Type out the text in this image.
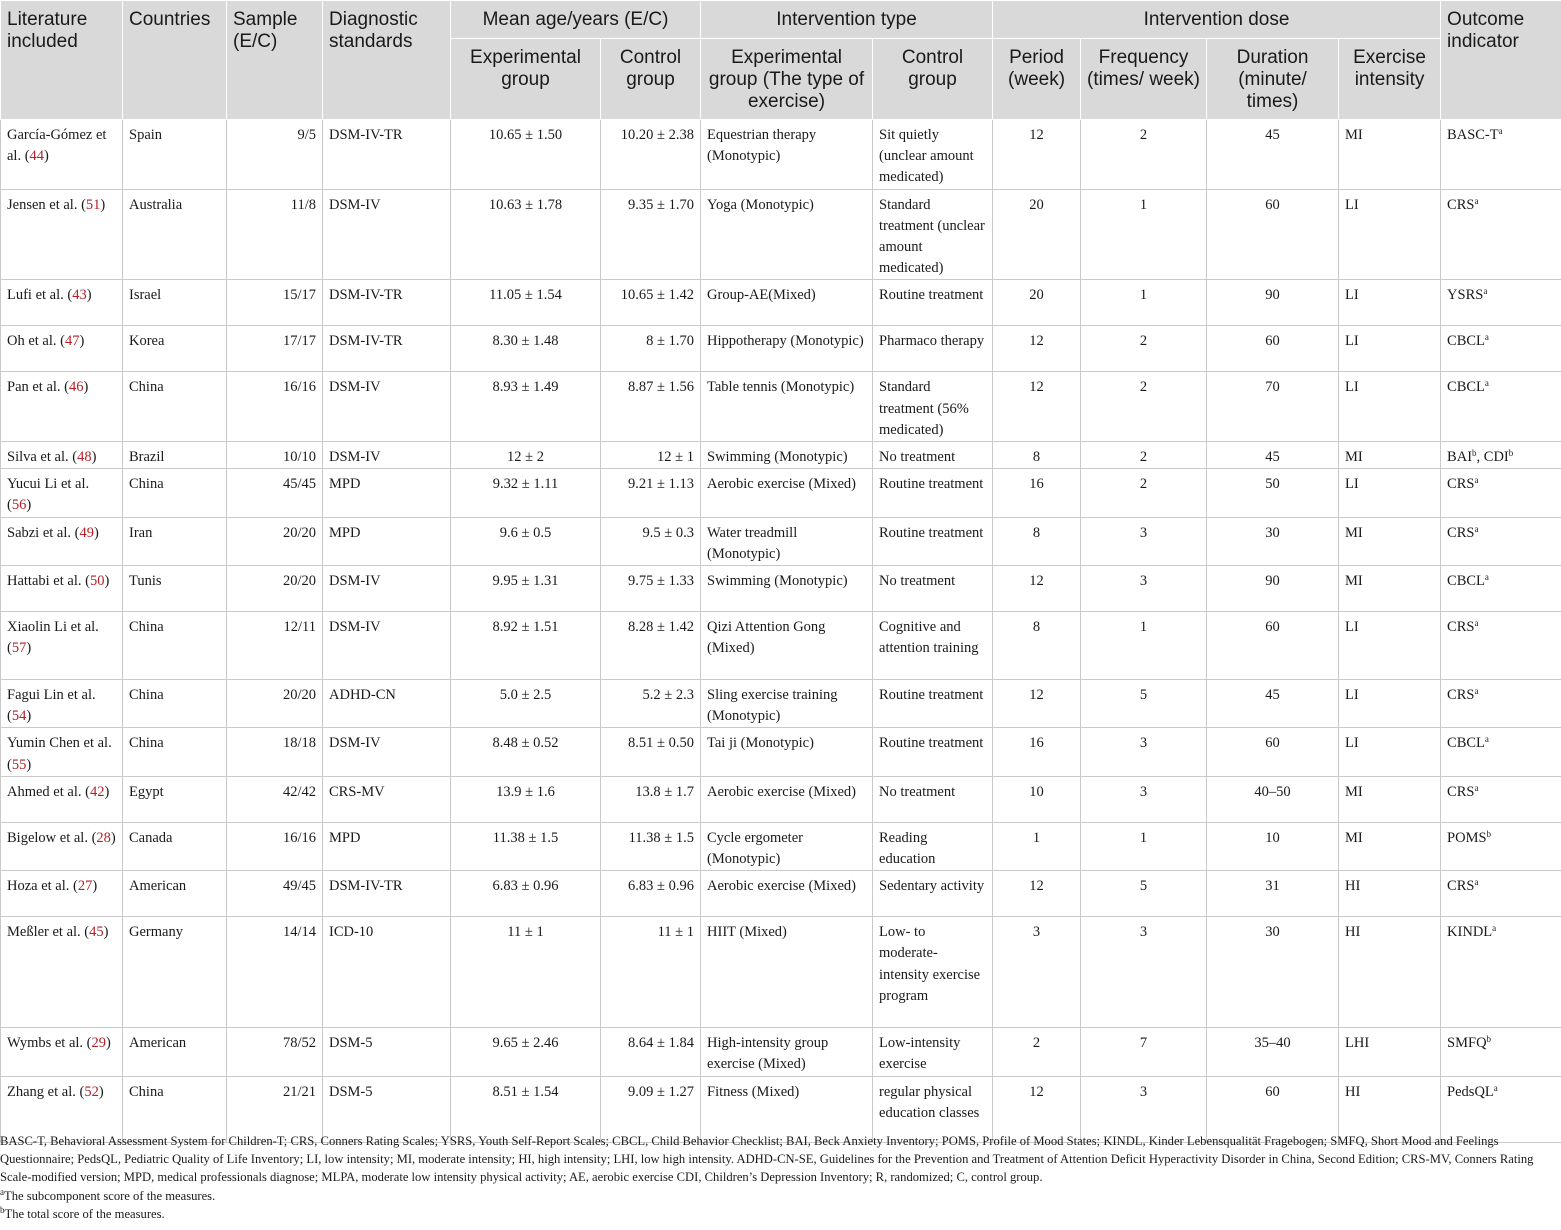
Literature included	Countries	Sample (E/C)	Diagnostic standards	Mean age/years (E/C)		Intervention type		Intervention dose				Outcome indicator
				Experimental group	Control group	Experimental group (The type of exercise)	Control group	Period (week)	Frequency (times/ week)	Duration (minute/ times)	Exercise intensity	
García-Gómez et al. (44)	Spain	9/5	DSM-IV-TR	10.65 ± 1.50	10.20 ± 2.38	Equestrian therapy (Monotypic)	Sit quietly (unclear amount medicated)	12	2	45	MI	BASC-$T^a$
Jensen et al. (51)	Australia	11/8	DSM-IV	10.63 ± 1.78	9.35 ± 1.70	Yoga (Monotypic)	Standard treatment (unclear amount medicated)	20	1	60	LI	CRS$^a$
Lufi et al. (43)	Israel	15/17	DSM-IV-TR	11.05 ± 1.54	10.65 ± 1.42	Group-AE(Mixed)	Routine treatment	20	1	90	LI	YSRS$^a$
Oh et al. (47)	Korea	17/17	DSM-IV-TR	8.30 ± 1.48	8 ± 1.70	Hippotherapy (Monotypic)	Pharmaco therapy	12	2	60	LI	CBCL$^a$
Pan et al. (46)	China	16/16	DSM-IV	8.93 ± 1.49	8.87 ± 1.56	Table tennis (Monotypic)	Standard treatment (56% medicated)	12	2	70	LI	CBCL$^a$
Silva et al. (48)	Brazil	10/10	DSM-IV	12 ± 2	12 ± 1	Swimming (Monotypic)	No treatment	8	2	45	MI	BAI$^b$, CDI$^b$
Yucui Li et al. (56)	China	45/45	MPD	9.32 ± 1.11	9.21 ± 1.13	Aerobic exercise (Mixed)	Routine treatment	16	2	50	LI	CRS$^a$
Sabzi et al. (49)	Iran	20/20	MPD	9.6 ± 0.5	9.5 ± 0.3	Water treadmill (Monotypic)	Routine treatment	8	3	30	MI	CRS$^a$
Hattabi et al. (50)	Tunis	20/20	DSM-IV	9.95 ± 1.31	9.75 ± 1.33	Swimming (Monotypic)	No treatment	12	3	90	MI	CBCL$^a$
Xiaolin Li et al. (57)	China	12/11	DSM-IV	8.92 ± 1.51	8.28 ± 1.42	Qizi Attention Gong (Mixed)	Cognitive and attention training	8	1	60	LI	CRS$^a$
Fagui Lin et al. (54)	China	20/20	ADHD-CN	5.0 ± 2.5	5.2 ± 2.3	Sling exercise training (Monotypic)	Routine treatment	12	5	45	LI	CRS$^a$
Yumin Chen et al. (55)	China	18/18	DSM-IV	8.48 ± 0.52	8.51 ± 0.50	Tai ji (Monotypic)	Routine treatment	16	3	60	LI	CBCL$^a$
Ahmed et al. (42)	Egypt	42/42	CRS-MV	13.9 ± 1.6	13.8 ± 1.7	Aerobic exercise (Mixed)	No treatment	10	3	40–50	MI	CRS$^a$
Bigelow et al. (28)	Canada	16/16	MPD	11.38 ± 1.5	11.38 ± 1.5	Cycle ergometer (Monotypic)	Reading education	1	1	10	MI	POMS$^b$
Hoza et al. (27)	American	49/45	DSM-IV-TR	6.83 ± 0.96	6.83 ± 0.96	Aerobic exercise (Mixed)	Sedentary activity	12	5	31	HI	CRS$^a$
Meßler et al. (45)	Germany	14/14	ICD-10	11 ± 1	11 ± 1	HIIT (Mixed)	Low- to moderate-intensity exercise program	3	3	30	HI	KINDL$^a$
Wymbs et al. (29)	American	78/52	DSM-5	9.65 ± 2.46	8.64 ± 1.84	High-intensity group exercise (Mixed)	Low-intensity exercise	2	7	35–40	LHI	SMFQ$^b$
Zhang et al. (52)	China	21/21	DSM-5	8.51 ± 1.54	9.09 ± 1.27	Fitness (Mixed)	regular physical education classes	12	3	60	HI	PedsQL$^a$

BASC-T, Behavioral Assessment System for Children-T; CRS, Conners Rating Scales; YSRS, Youth Self-Report Scales; CBCL, Child Behavior Checklist; BAI, Beck Anxiety Inventory; POMS, Profile of Mood States; KINDL, Kinder Lebensqualität Fragebogen; SMFQ, Short Mood and Feelings Questionnaire; PedsQL, Pediatric Quality of Life Inventory; LI, low intensity; MI, moderate intensity; HI, high intensity; LHI, low high intensity. ADHD-CN-SE, Guidelines for the Prevention and Treatment of Attention Deficit Hyperactivity Disorder in China, Second Edition; CRS-MV, Conners Rating Scale-modified version; MPD, medical professionals diagnose; MLPA, moderate low intensity physical activity; AE, aerobic exercise CDI, Children’s Depression Inventory; R, randomized; C, control group.

$^a$The subcomponent score of the measures.

$^b$The total score of the measures.
